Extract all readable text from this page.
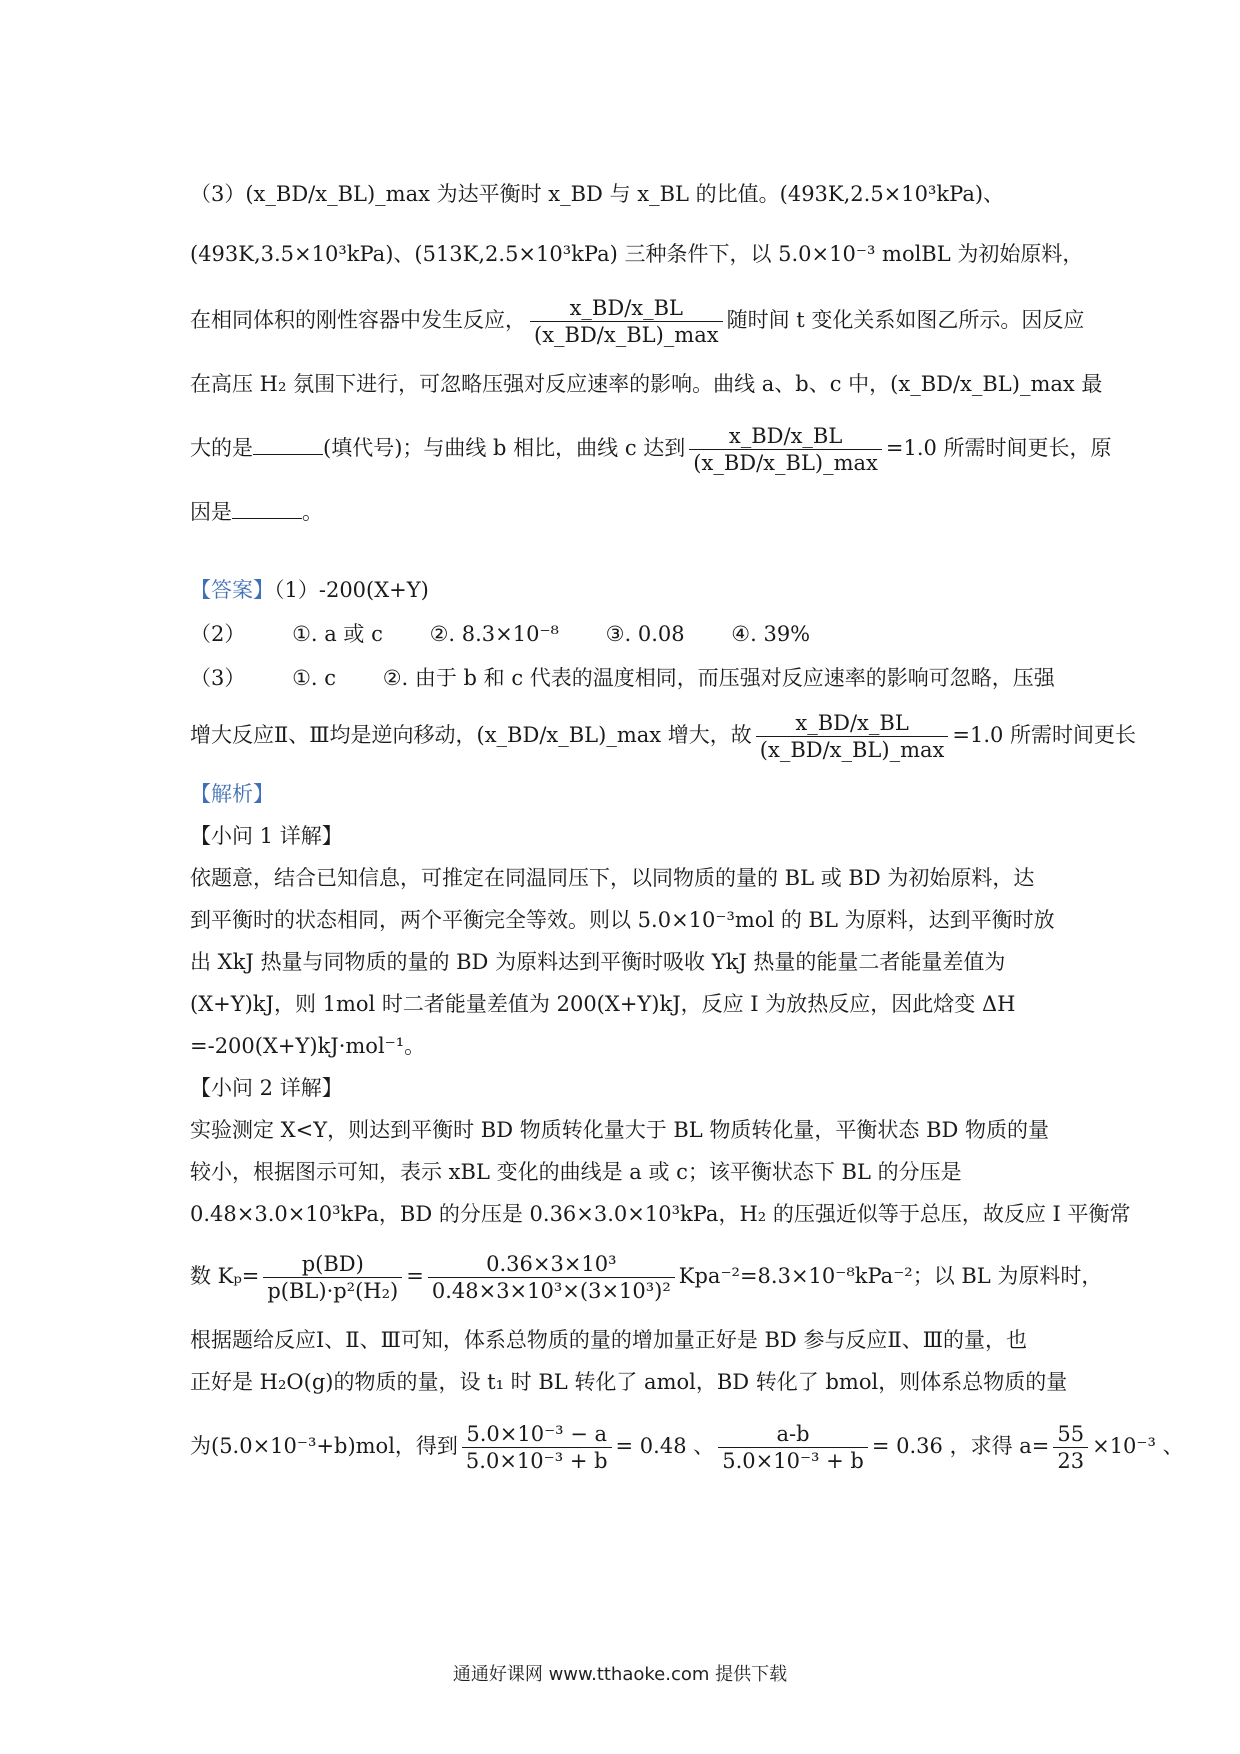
（3）(x_BD/x_BL)_max 为达平衡时 x_BD 与 x_BL 的比值。(493K,2.5×10³kPa)、
(493K,3.5×10³kPa)、(513K,2.5×10³kPa) 三种条件下，以 5.0×10⁻³ molBL 为初始原料，
在相同体积的刚性容器中发生反应， $\frac{x\_BD/x\_BL}{(x\_BD/x\_BL)\_\max}$ 随时间 t 变化关系如图乙所示。因反应
在高压 H₂ 氛围下进行，可忽略压强对反应速率的影响。曲线 a、b、c 中，(x_BD/x_BL)_max 最
大的是	(填代号)；与曲线 b 相比，曲线 c 达到 $\frac{x\_BD/x\_BL}{(x\_BD/x\_BL)\_\max} =1.0$ 所需时间更长，原
因是	。
【答案】（1）-200(X+Y)
（2） ①. a 或 c ②. 8.3×10⁻⁸ ③. 0.08 ④. 39%
（3） ①. c ②. 由于 b 和 c 代表的温度相同，而压强对反应速率的影响可忽略，压强
增大反应Ⅱ、Ⅲ均是逆向移动，(x_BD/x_BL)_max 增大，故 $\frac{x\_BD/x\_BL}{(x\_BD/x\_BL)\_\max} =1.0$ 所需时间更长
【解析】
【小问 1 详解】
依题意，结合已知信息，可推定在同温同压下，以同物质的量的 BL 或 BD 为初始原料，达
到平衡时的状态相同，两个平衡完全等效。则以 5.0×10⁻³mol 的 BL 为原料，达到平衡时放
出 XkJ 热量与同物质的量的 BD 为原料达到平衡时吸收 YkJ 热量的能量二者能量差值为
(X+Y)kJ，则 1mol 时二者能量差值为 200(X+Y)kJ，反应 I 为放热反应，因此焓变 ΔH
=-200(X+Y)kJ·mol⁻¹。
【小问 2 详解】
实验测定 X<Y，则达到平衡时 BD 物质转化量大于 BL 物质转化量，平衡状态 BD 物质的量
较小，根据图示可知，表示 xBL 变化的曲线是 a 或 c；该平衡状态下 BL 的分压是
0.48×3.0×10³kPa，BD 的分压是 0.36×3.0×10³kPa，H₂ 的压强近似等于总压，故反应 I 平衡常
数 $K_p= \frac{p(BD)}{\text{p(BL)·p²(H₂)}} = \frac{\text{0.36×3×10³}}{\text{0.48×3×10³×(3×10³)²}} Kpa^{-2}=8.3\times 10^{-8}kPa^{-2}$；以 BL 为原料时，
根据题给反应Ⅰ、Ⅱ、Ⅲ可知，体系总物质的量的增加量正好是 BD 参与反应Ⅱ、Ⅲ的量，也
正好是 H₂O(g)的物质的量，设 t₁ 时 BL 转化了 amol，BD 转化了 bmol，则体系总物质的量
为(5.0×10⁻³+b)mol，得到 $\frac{\text{5.0×10⁻³ − a}}{\text{5.0×10⁻³ + b}} = 0.48$ 、 $\frac{a-b}{\text{5.0×10⁻³ + b}} = 0.36$ ，求得 $a= \frac{55}{23} \times 10^{-3}$ 、
通通好课网 www.tthaoke.com 提供下载
